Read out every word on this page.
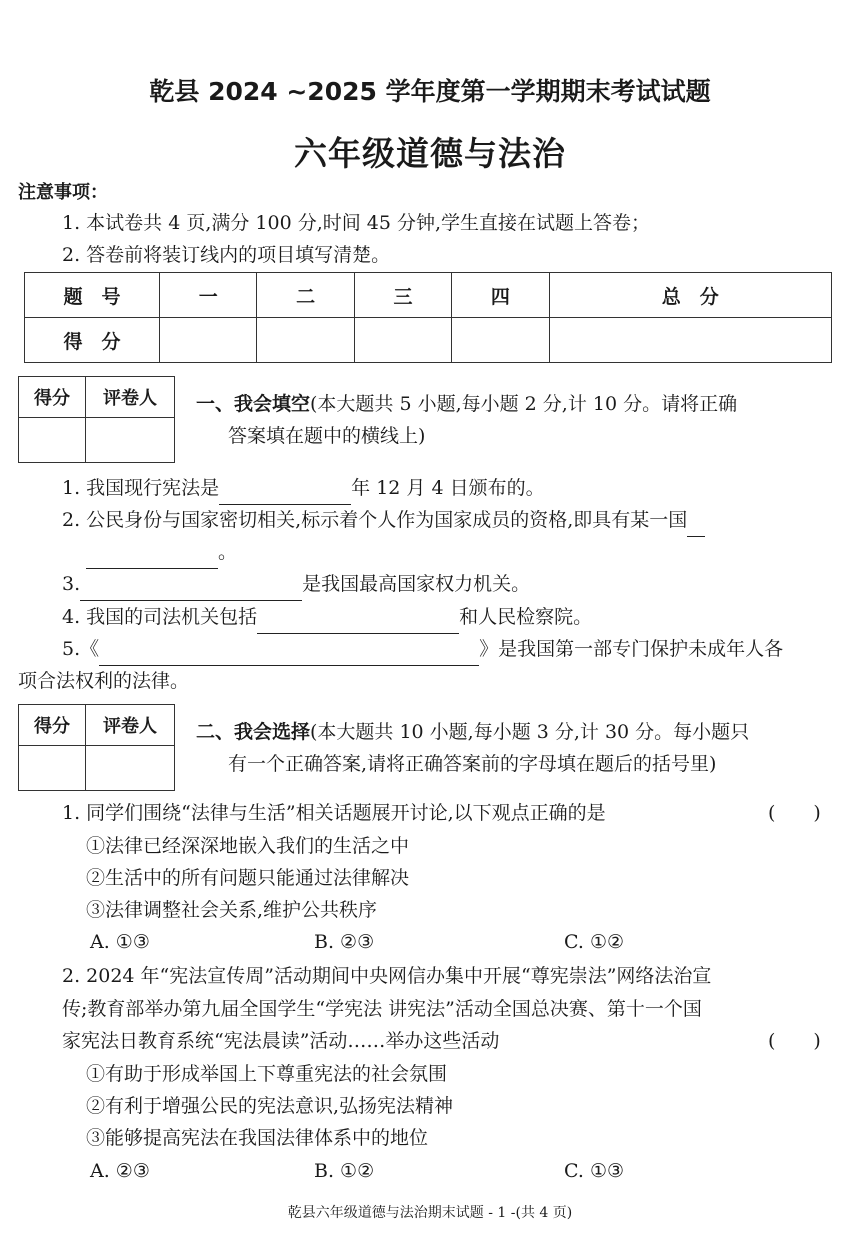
乾县 2024 ~2025 学年度第一学期期末考试试题
六年级道德与法治
注意事项：
1. 本试卷共 4 页,满分 100 分,时间 45 分钟,学生直接在试题上答卷；
2. 答卷前将装订线内的项目填写清楚。
题　号	一	二	三	四	总　分
得　分					
得分	评卷人
	一、我会填空(本大题共 5 小题,每小题 2 分,计 10 分。请将正确
答案填在题中的横线上)
1. 我国现行宪法是	年 12 月 4 日颁布的。
2. 公民身份与国家密切相关,标示着个人作为国家成员的资格,即具有某一国
。
3.	是我国最高国家权力机关。
4. 我国的司法机关包括	和人民检察院。
5.《	》是我国第一部专门保护未成年人各
项合法权利的法律。
得分	评卷人
	二、我会选择(本大题共 10 小题,每小题 3 分,计 30 分。每小题只
有一个正确答案,请将正确答案前的字母填在题后的括号里)
1. 同学们围绕“法律与生活”相关话题展开讨论,以下观点正确的是	(　　)
①法律已经深深地嵌入我们的生活之中
②生活中的所有问题只能通过法律解决
③法律调整社会关系,维护公共秩序
A. ①③	B. ②③	C. ①②
2. 2024 年“宪法宣传周”活动期间中央网信办集中开展“尊宪崇法”网络法治宣
传;教育部举办第九届全国学生“学宪法 讲宪法”活动全国总决赛、第十一个国
家宪法日教育系统“宪法晨读”活动……举办这些活动	(　　)
①有助于形成举国上下尊重宪法的社会氛围
②有利于增强公民的宪法意识,弘扬宪法精神
③能够提高宪法在我国法律体系中的地位
A. ②③	B. ①②	C. ①③
乾县六年级道德与法治期末试题 - 1 -(共 4 页)
